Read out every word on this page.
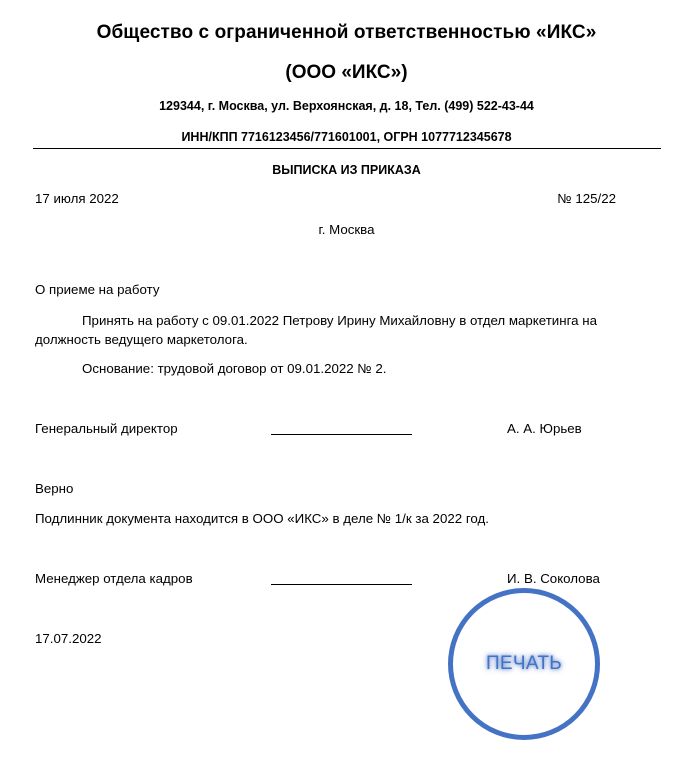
Общество с ограниченной ответственностью «ИКС»
(ООО «ИКС»)
129344, г. Москва, ул. Верхоянская, д. 18, Тел. (499) 522-43-44
ИНН/КПП 7716123456/771601001, ОГРН 1077712345678
ВЫПИСКА ИЗ ПРИКАЗА
17 июля 2022	№ 125/22
г. Москва
О приеме на работу
Принять на работу с 09.01.2022 Петрову Ирину Михайловну в отдел маркетинга на
должность ведущего маркетолога.
Основание: трудовой договор от 09.01.2022 № 2.
Генеральный директор	А. А. Юрьев
Верно
Подлинник документа находится в ООО «ИКС» в деле № 1/к за 2022 год.
Менеджер отдела кадров	И. В. Соколова
17.07.2022
ПЕЧАТЬ
